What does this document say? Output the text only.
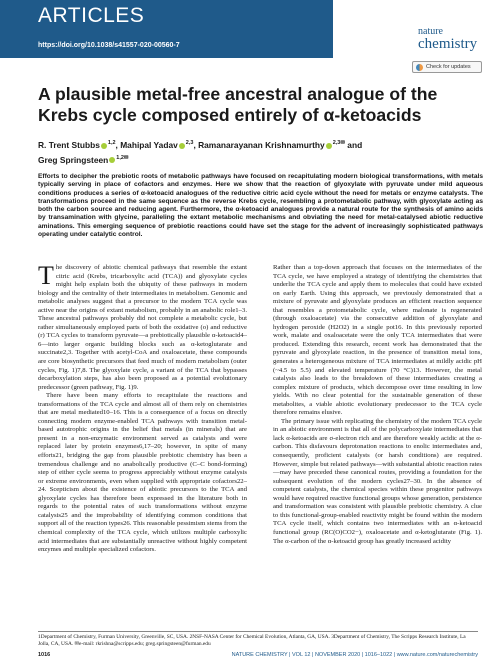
ARTICLES
https://doi.org/10.1038/s41557-020-00560-7
nature
chemistry
Check for updates
A plausible metal-free ancestral analogue of the Krebs cycle composed entirely of α-ketoacids
R. Trent Stubbs $^{1,2}$, Mahipal Yadav $^{2,3}$, Ramanarayanan Krishnamurthy $^{2,3✉}$ and
Greg Springsteen $^{1,2✉}$
Efforts to decipher the prebiotic roots of metabolic pathways have focused on recapitulating modern biological transformations, with metals typically serving in place of cofactors and enzymes. Here we show that the reaction of glyoxylate with pyruvate under mild aqueous conditions produces a series of α-ketoacid analogues of the reductive citric acid cycle without the need for metals or enzyme catalysts. The transformations proceed in the same sequence as the reverse Krebs cycle, resembling a protometabolic pathway, with glyoxylate acting as both the carbon source and reducing agent. Furthermore, the α-ketoacid analogues provide a natural route for the synthesis of amino acids by transamination with glycine, paralleling the extant metabolic mechanisms and obviating the need for metal-catalysed abiotic reductive aminations. This emerging sequence of prebiotic reactions could have set the stage for the advent of increasingly sophisticated pathways operating under catalytic control.

The discovery of abiotic chemical pathways that resemble the extant citric acid (Krebs, tricarboxylic acid (TCA)) and glyoxylate cycles might help explain both the ubiquity of these pathways in modern biology and the centrality of their intermediates in metabolism. Genomic and metabolic analyses suggest that a precursor to the modern TCA cycle was active near the origins of extant metabolism, probably in an anabolic role1–3. These ancestral pathways probably did not complete a metabolic cycle, but rather simultaneously employed parts of both the oxidative (o) and reductive (r) TCA cycles to transform pyruvate—a prebiotically plausible α-ketoacid4–6—into larger organic building blocks such as α-ketoglutarate and succinate2,3. Together with acetyl-CoA and oxaloacetate, these compounds are core biosynthetic precursors that feed much of modern metabolism (outer cycles, Fig. 1)7,8. The glyoxylate cycle, a variant of the TCA that bypasses decarboxylation steps, has also been proposed as a potential evolutionary predecessor (green pathway, Fig. 1)9.

There have been many efforts to recapitulate the reactions and transformations of the TCA cycle and almost all of them rely on chemistries that are metal mediated10–16. This is a consequence of a focus on directly connecting modern enzyme-enabled TCA pathways with transition metal-based autotrophic origins in the belief that metals (in minerals) that are present in a non-enzymatic environment served as catalysts and were replaced later by protein enzymes6,17–20; however, in spite of many efforts21, bridging the gap from plausible prebiotic chemistry has been a tremendous challenge and no anabolically productive (C–C bond-forming) step of either cycle seems to progress appreciably without enzyme catalysis or extreme environments, even when supplied with appropriate cofactors22–24. Scepticism about the existence of abiotic precursors to the TCA and glyoxylate cycles has therefore been expressed in the literature both in regards to the potential rates of such transformations without enzyme catalysis25 and the improbability of identifying common conditions that support all of the reaction types26. This reasonable pessimism stems from the chemical complexity of the TCA cycle, which utilizes multiple carboxylic acid intermediates that are substantially unreactive without highly competent enzymes and multiple specialized cofactors.

Rather than a top-down approach that focuses on the intermediates of the TCA cycle, we have employed a strategy of identifying the chemistries that underlie the TCA cycle and apply them to molecules that could have existed on early Earth. Using this approach, we previously demonstrated that a mixture of pyruvate and glyoxylate produces an efficient reaction sequence that resembles a protometabolic cycle, where malonate is regenerated (through oxaloacetate) via the consecutive addition of glyoxylate and hydrogen peroxide (H2O2) in a single pot16. In this previously reported work, malate and oxaloacetate were the only TCA intermediates that were produced. Extending this research, recent work has demonstrated that the pyruvate and glyoxylate reaction, in the presence of transition metal ions, generates a heterogeneous mixture of TCA intermediates at mildly acidic pH (~4.5 to 5.5) and elevated temperature (70 °C)13. However, the metal catalysis also leads to the breakdown of these intermediates creating a complex mixture of products, which decompose over time resulting in low yields. With no clear potential for the sustainable generation of these metabolites, a viable abiotic evolutionary predecessor to the TCA cycle therefore remains elusive.

The primary issue with replicating the chemistry of the modern TCA cycle in an abiotic environment is that all of the polycarboxylate intermediates that lack α-ketoacids are σ-electron rich and are therefore weakly acidic at the α-carbon. This disfavours deprotonation reactions to enolic intermediates and, consequently, proficient catalysts (or harsh conditions) are required. However, simple but related pathways—with substantial abiotic reaction rates—may have preceded these canonical routes, providing a foundation for the subsequent evolution of the modern cycles27–30. In the absence of competent catalysts, the chemical species within these progenitor pathways would have required reactive functional groups whose generation, persistence and transformation was consistent with plausible prebiotic chemistry. A clue to this functional-group-enabled reactivity might be found within the modern TCA cycle itself, which contains two intermediates with an α-ketoacid functional group (RC(O)CO2−), oxaloacetate and α-ketoglutarate (Fig. 1). The α-carbon of the α-ketoacid group has greatly increased acidity

1Department of Chemistry, Furman University, Greenville, SC, USA. 2NSF-NASA Center for Chemical Evolution, Atlanta, GA, USA. 3Department of Chemistry, The Scripps Research Institute, La Jolla, CA, USA. ✉e-mail: rkrishna@scripps.edu; greg.springsteen@furman.edu
1016	NATURE CHEMISTRY | VOL 12 | NOVEMBER 2020 | 1016–1022 | www.nature.com/naturechemistry
